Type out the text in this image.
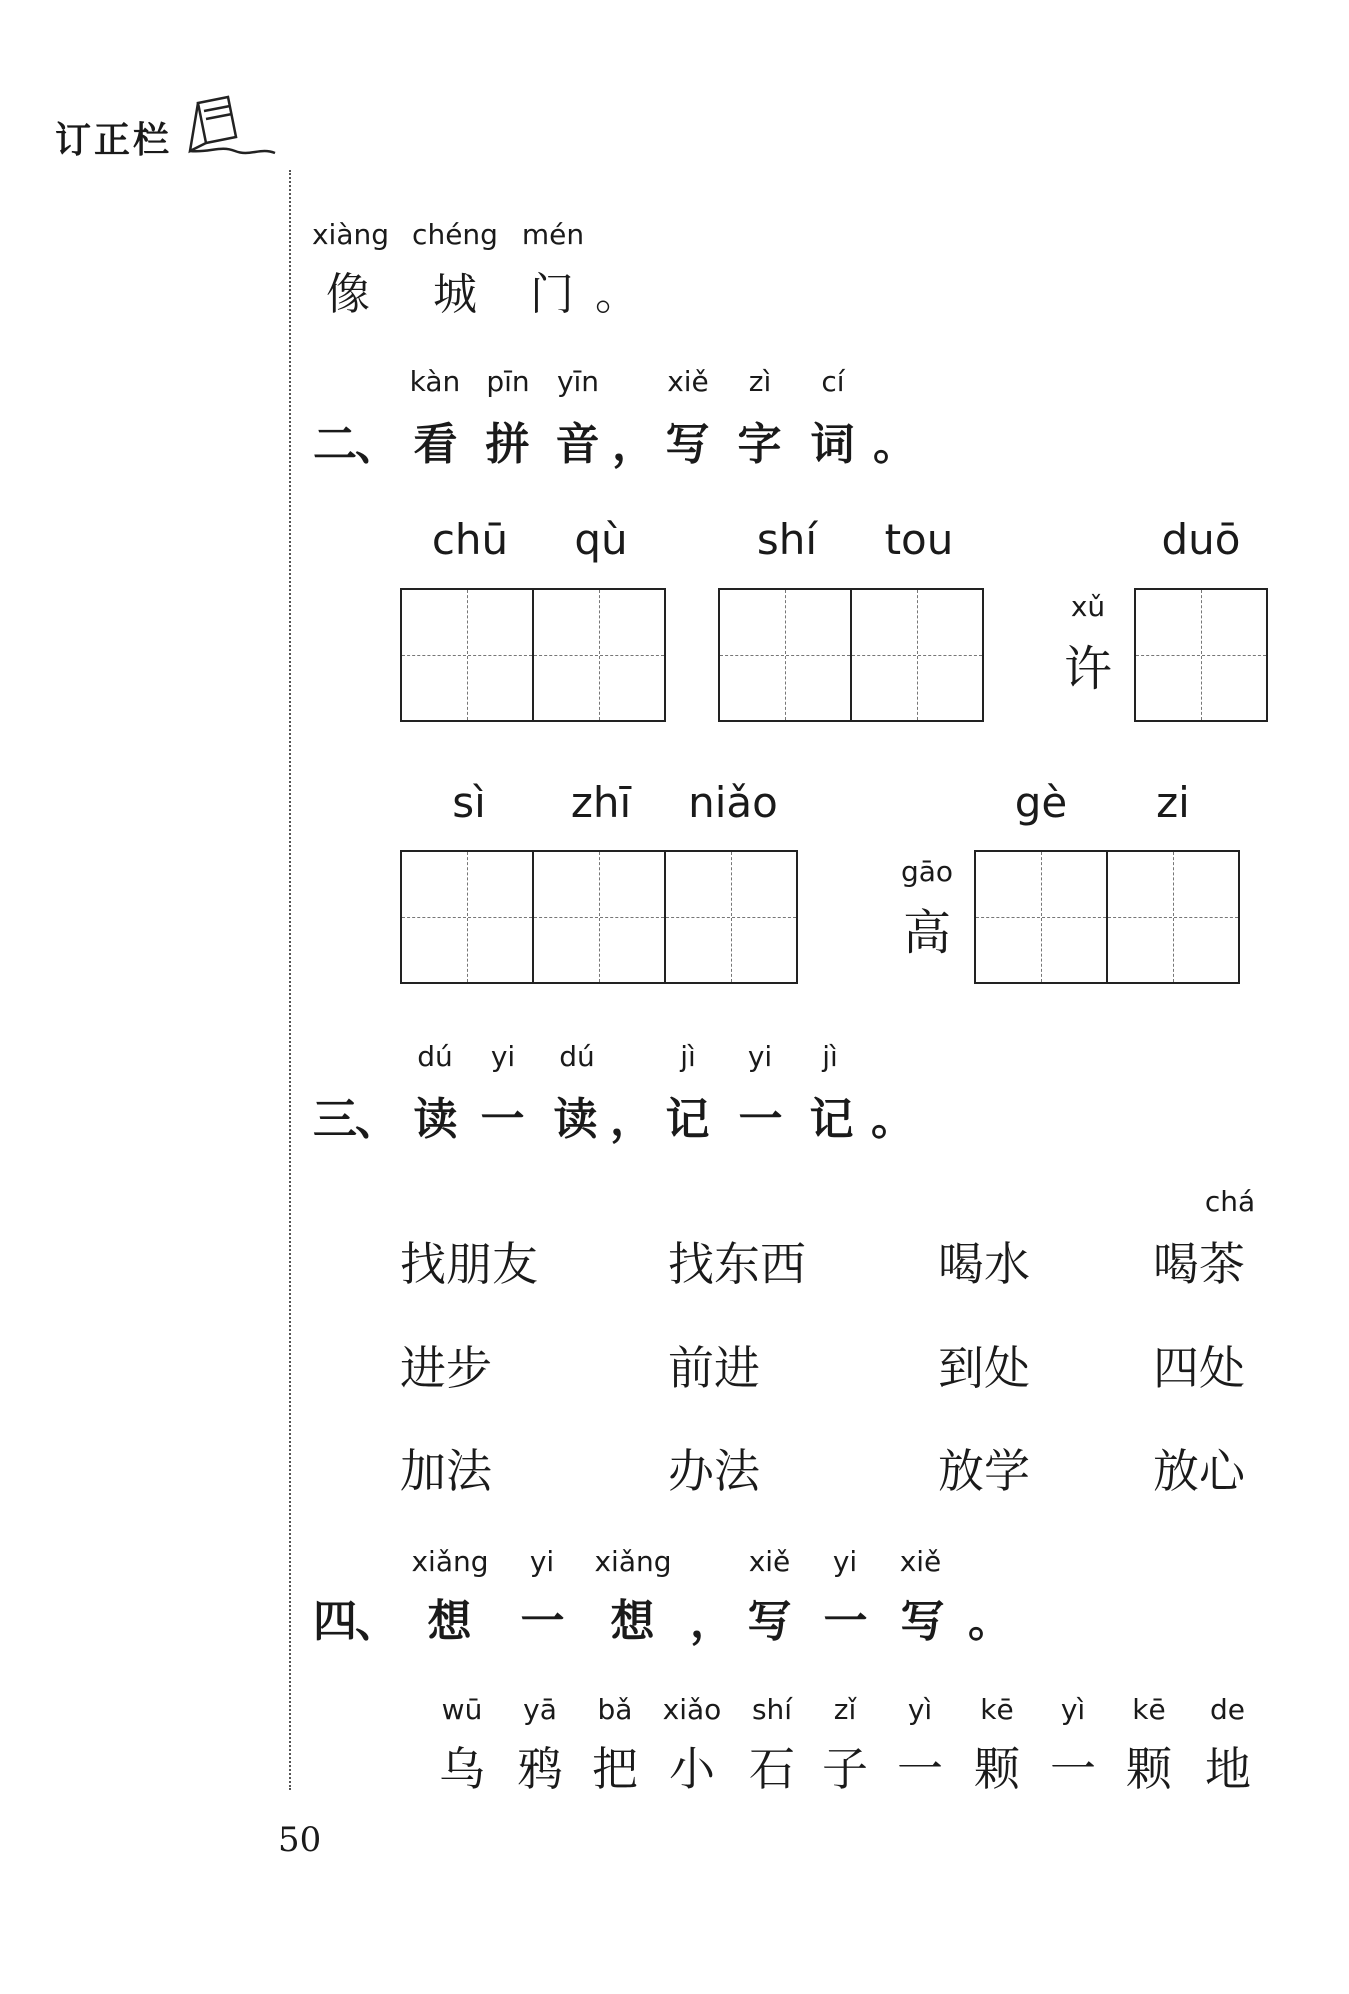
订正栏
xiàng chéng mén
像 城 门 。
kàn pīn yīn	xiě	zì	cí
二
、 看 拼 音 ， 写 字 词 。
chū	qù	shí	tou
xǔ
许
duō
sì	zhī	niǎo
gāo
高
gè	zi
dú yi dú	jì	yi	jì
三
、 读 一 读 ， 记 一 记 。
chá
找朋友	找东西	喝水	喝茶
进步	前进	到处	四处
加法	办法	放学	放心
xiǎng yi xiǎng	xiě yi xiě
四
、 想 一 想 ， 写 一 写 。
wū	yā	bǎ	xiǎo	shí	zǐ	yì	kē	yì	kē	de
乌 鸦 把 小 石 子 一 颗 一 颗 地
50
